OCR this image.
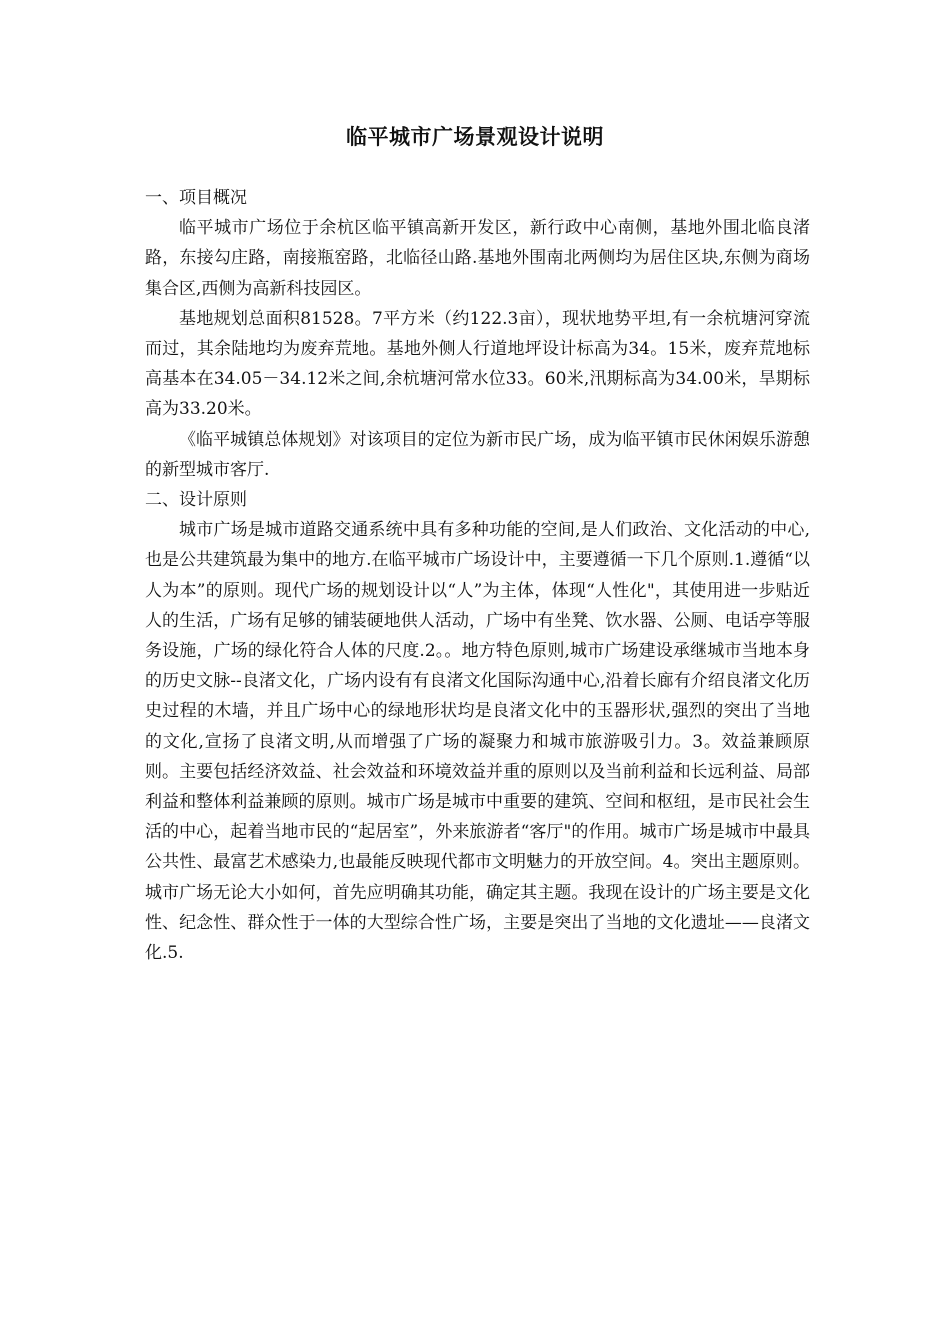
临平城市广场景观设计说明

一、项目概况

临平城市广场位于余杭区临平镇高新开发区，新行政中心南侧，基地外围北临良渚路，东接勾庄路，南接瓶窑路，北临径山路.基地外围南北两侧均为居住区块,东侧为商场集合区,西侧为高新科技园区。

基地规划总面积81528。7平方米（约122.3亩），现状地势平坦,有一余杭塘河穿流而过，其余陆地均为废弃荒地。基地外侧人行道地坪设计标高为34。15米，废弃荒地标高基本在34.05－34.12米之间,余杭塘河常水位33。60米,汛期标高为34.00米，旱期标高为33.20米。

《临平城镇总体规划》对该项目的定位为新市民广场，成为临平镇市民休闲娱乐游憩的新型城市客厅.

二、设计原则

城市广场是城市道路交通系统中具有多种功能的空间,是人们政治、文化活动的中心,也是公共建筑最为集中的地方.在临平城市广场设计中，主要遵循一下几个原则.1.遵循“以人为本”的原则。现代广场的规划设计以“人”为主体，体现“人性化"，其使用进一步贴近人的生活，广场有足够的铺装硬地供人活动，广场中有坐凳、饮水器、公厕、电话亭等服务设施，广场的绿化符合人体的尺度.2。。地方特色原则,城市广场建设承继城市当地本身的历史文脉--良渚文化，广场内设有有良渚文化国际沟通中心,沿着长廊有介绍良渚文化历史过程的木墙，并且广场中心的绿地形状均是良渚文化中的玉器形状,强烈的突出了当地的文化,宣扬了良渚文明,从而增强了广场的凝聚力和城市旅游吸引力。3。效益兼顾原则。主要包括经济效益、社会效益和环境效益并重的原则以及当前利益和长远利益、局部利益和整体利益兼顾的原则。城市广场是城市中重要的建筑、空间和枢纽，是市民社会生活的中心，起着当地市民的“起居室”，外来旅游者“客厅"的作用。城市广场是城市中最具公共性、最富艺术感染力,也最能反映现代都市文明魅力的开放空间。4。突出主题原则。城市广场无论大小如何，首先应明确其功能，确定其主题。我现在设计的广场主要是文化性、纪念性、群众性于一体的大型综合性广场，主要是突出了当地的文化遗址——良渚文化.5.
